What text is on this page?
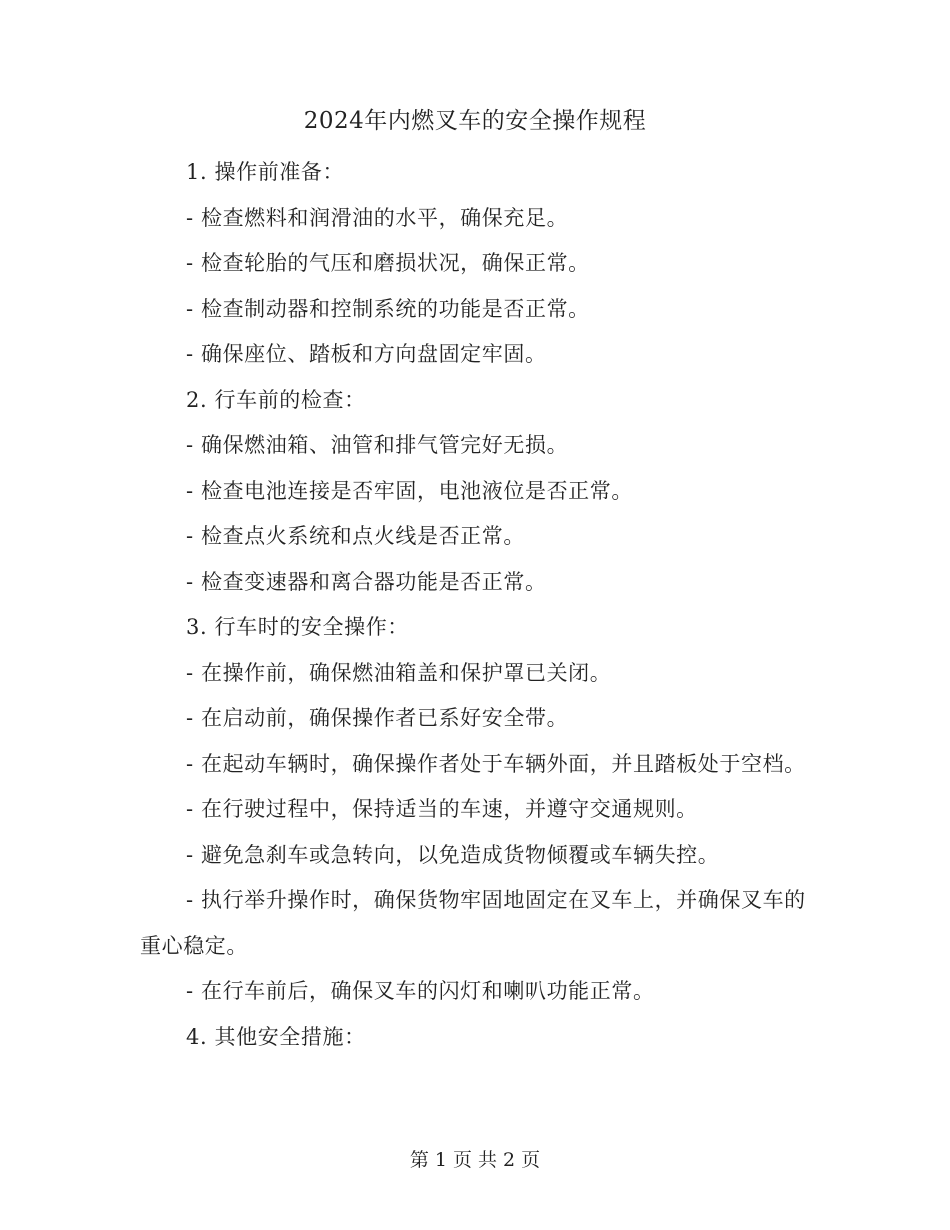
2024年内燃叉车的安全操作规程

1. 操作前准备：

- 检查燃料和润滑油的水平，确保充足。

- 检查轮胎的气压和磨损状况，确保正常。

- 检查制动器和控制系统的功能是否正常。

- 确保座位、踏板和方向盘固定牢固。

2. 行车前的检查：

- 确保燃油箱、油管和排气管完好无损。

- 检查电池连接是否牢固，电池液位是否正常。

- 检查点火系统和点火线是否正常。

- 检查变速器和离合器功能是否正常。

3. 行车时的安全操作：

- 在操作前，确保燃油箱盖和保护罩已关闭。

- 在启动前，确保操作者已系好安全带。

- 在起动车辆时，确保操作者处于车辆外面，并且踏板处于空档。

- 在行驶过程中，保持适当的车速，并遵守交通规则。

- 避免急刹车或急转向，以免造成货物倾覆或车辆失控。

- 执行举升操作时，确保货物牢固地固定在叉车上，并确保叉车的重心稳定。

- 在行车前后，确保叉车的闪灯和喇叭功能正常。

4. 其他安全措施：

第 1 页 共 2 页
